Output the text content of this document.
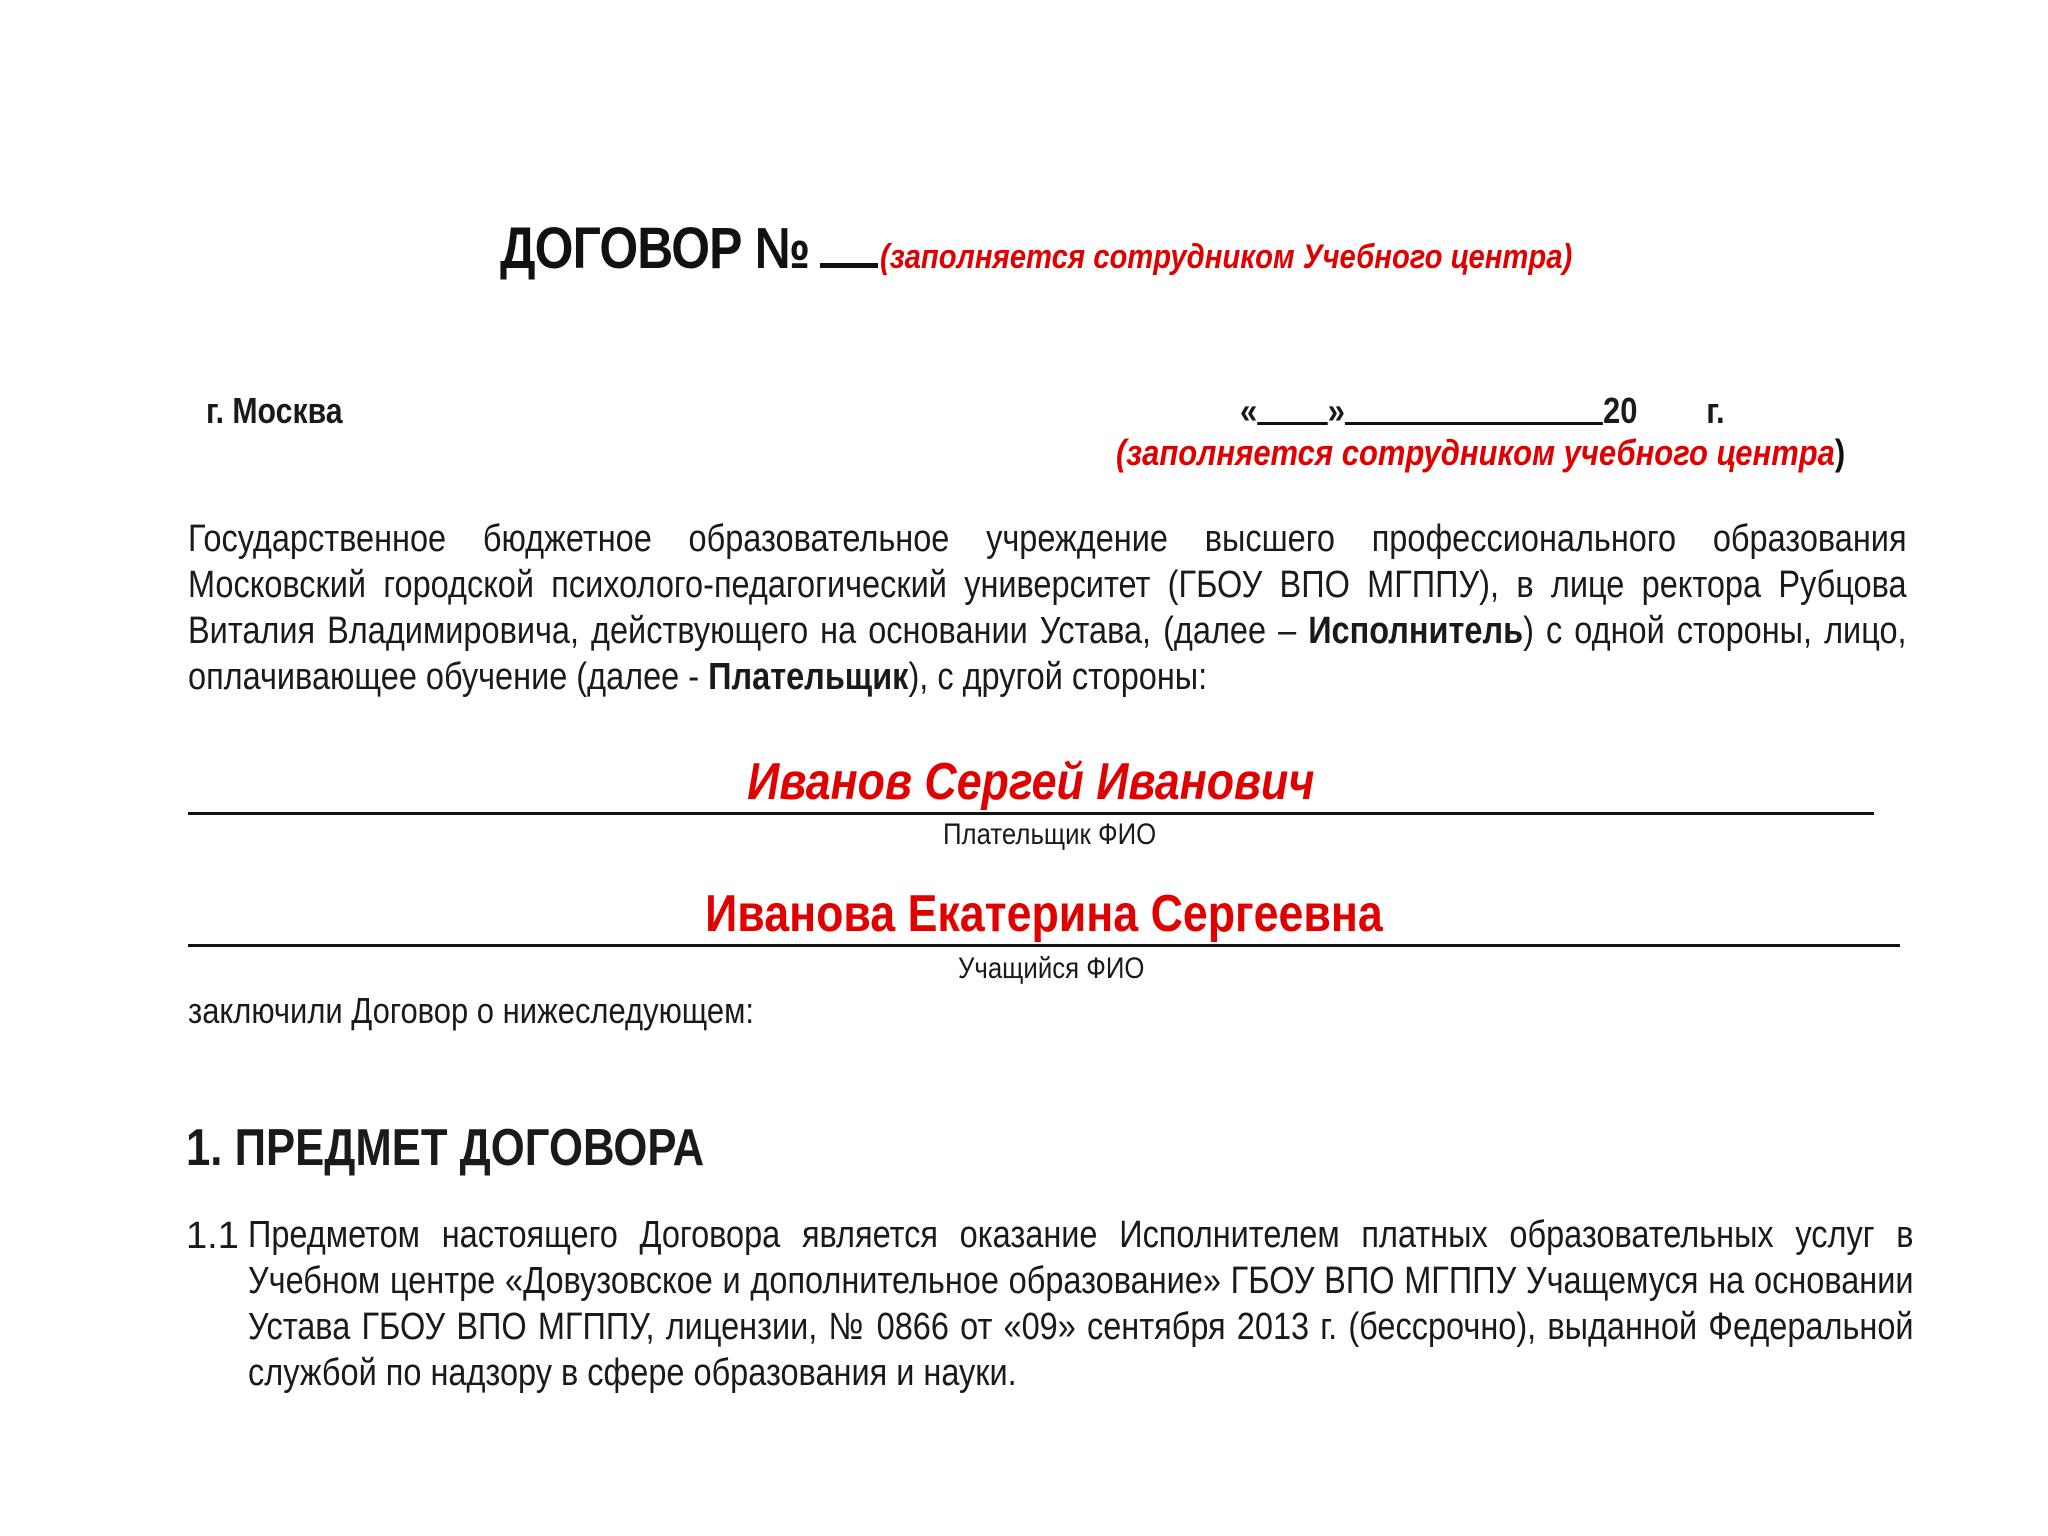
ДОГОВОР № (заполняется сотрудником Учебного центра)
г. Москва	« »	20 г.
(заполняется сотрудником учебного центра)
Государственное бюджетное образовательное учреждение высшего профессионального образования Московский городской психолого-педагогический университет (ГБОУ ВПО МГППУ), в лице ректора Рубцова Виталия Владимировича, действующего на основании Устава, (далее – Исполнитель) с одной стороны, лицо, оплачивающее обучение (далее - Плательщик), с другой стороны:
Иванов Сергей Иванович
Плательщик ФИО
Иванова Екатерина Сергеевна
Учащийся ФИО
заключили Договор о нижеследующем:
1. ПРЕДМЕТ ДОГОВОРА
1.1 Предметом настоящего Договора является оказание Исполнителем платных образовательных услуг в Учебном центре «Довузовское и дополнительное образование» ГБОУ ВПО МГППУ Учащемуся на основании Устава ГБОУ ВПО МГППУ, лицензии, № 0866 от «09» сентября 2013 г. (бессрочно), выданной Федеральной службой по надзору в сфере образования и науки.
